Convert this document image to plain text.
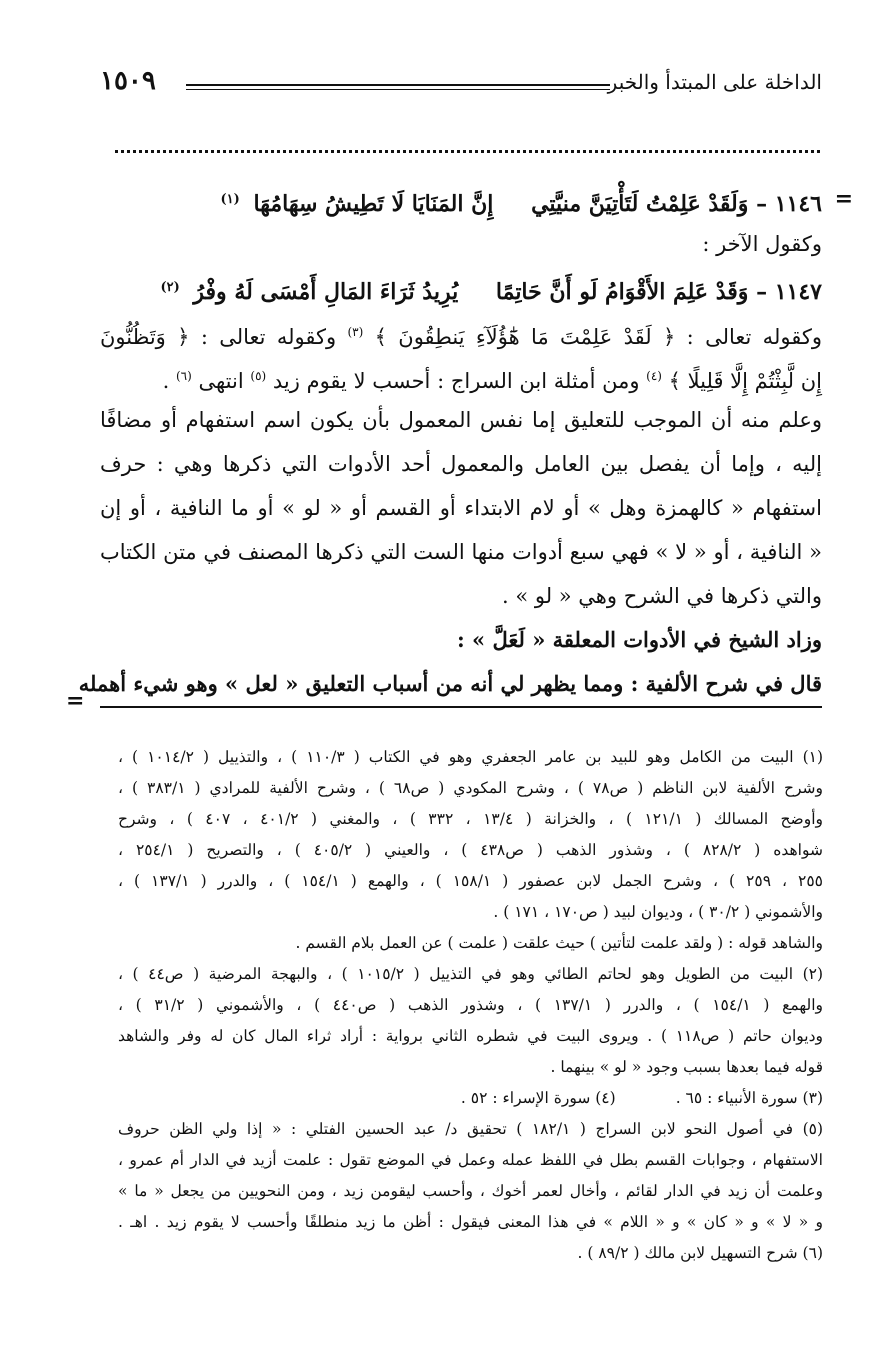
١٥٠٩	الداخلة على المبتدأ والخبر
=
=
١١٤٦ – وَلَقَدْ عَلِمْتُ لَتَأْتِيَنَّ منيَّتِي إِنَّ المَنَايَا لَا تَطِيشُ سِهَامُهَا $^{(١)}$
وكقول الآخر :
١١٤٧ – وَقَدْ عَلِمَ الأَقْوَامُ لَو أَنَّ حَاتِمًا يُرِيدُ ثَرَاءَ المَالِ أَمْسَى لَهُ وفْرُ $^{(٢)}$
وكقوله تعالى : ﴿ لَقَدْ عَلِمْتَ مَا هَٰٓؤُلَآءِ يَنطِقُونَ ﴾ $^{(٣)}$ وكقوله تعالى : ﴿ وَتَظُنُّونَ
إِن لَّبِثْتُمْ إِلَّا قَلِيلًا ﴾ $^{(٤)}$ ومن أمثلة ابن السراج : أحسب لا يقوم زيد $^{(٥)}$ انتهى $^{(٦)}$ .
وعلم منه أن الموجب للتعليق إما نفس المعمول بأن يكون اسم استفهام أو مضافًا
إليه ، وإما أن يفصل بين العامل والمعمول أحد الأدوات التي ذكرها وهي : حرف
استفهام « كالهمزة وهل » أو لام الابتداء أو القسم أو « لو » أو ما النافية ، أو إن
« النافية ، أو « لا » فهي سبع أدوات منها الست التي ذكرها المصنف في متن الكتاب
والتي ذكرها في الشرح وهي « لو » .
وزاد الشيخ في الأدوات المعلقة « لَعَلَّ » :
قال في شرح الألفية : ومما يظهر لي أنه من أسباب التعليق « لعل » وهو شيء أهمله
(١) البيت من الكامل وهو للبيد بن عامر الجعفري وهو في الكتاب ( ١١٠/٣ ) ، والتذييل ( ١٠١٤/٢ ) ،
وشرح الألفية لابن الناظم ( ص٧٨ ) ، وشرح المكودي ( ص٦٨ ) ، وشرح الألفية للمرادي ( ٣٨٣/١ ) ،
وأوضح المسالك ( ١٢١/١ ) ، والخزانة ( ١٣/٤ ، ٣٣٢ ) ، والمغني ( ٤٠١/٢ ، ٤٠٧ ) ، وشرح
شواهده ( ٨٢٨/٢ ) ، وشذور الذهب ( ص٤٣٨ ) ، والعيني ( ٤٠٥/٢ ) ، والتصريح ( ٢٥٤/١ ،
٢٥٥ ، ٢٥٩ ) ، وشرح الجمل لابن عصفور ( ١٥٨/١ ) ، والهمع ( ١٥٤/١ ) ، والدرر ( ١٣٧/١ ) ،
والأشموني ( ٣٠/٢ ) ، وديوان لبيد ( ص١٧٠ ، ١٧١ ) .
والشاهد قوله : ( ولقد علمت لتأتين ) حيث علقت ( علمت ) عن العمل بلام القسم .
(٢) البيت من الطويل وهو لحاتم الطائي وهو في التذييل ( ١٠١٥/٢ ) ، والبهجة المرضية ( ص٤٤ ) ،
والهمع ( ١٥٤/١ ) ، والدرر ( ١٣٧/١ ) ، وشذور الذهب ( ص٤٤٠ ) ، والأشموني ( ٣١/٢ ) ،
وديوان حاتم ( ص١١٨ ) . ويروى البيت في شطره الثاني برواية : أراد ثراء المال كان له وفر والشاهد
قوله فيما بعدها بسبب وجود « لو » بينهما .
(٣) سورة الأنبياء : ٦٥ .
(٤) سورة الإسراء : ٥٢ .
(٥) في أصول النحو لابن السراج ( ١٨٢/١ ) تحقيق د/ عبد الحسين الفتلي : « إذا ولي الظن حروف
الاستفهام ، وجوابات القسم بطل في اللفظ عمله وعمل في الموضع تقول : علمت أزيد في الدار أم عمرو ،
وعلمت أن زيد في الدار لقائم ، وأخال لعمر أخوك ، وأحسب ليقومن زيد ، ومن النحويين من يجعل « ما »
و « لا » و « كان » و « اللام » في هذا المعنى فيقول : أظن ما زيد منطلقًا وأحسب لا يقوم زيد . اهـ .
(٦) شرح التسهيل لابن مالك ( ٨٩/٢ ) .
